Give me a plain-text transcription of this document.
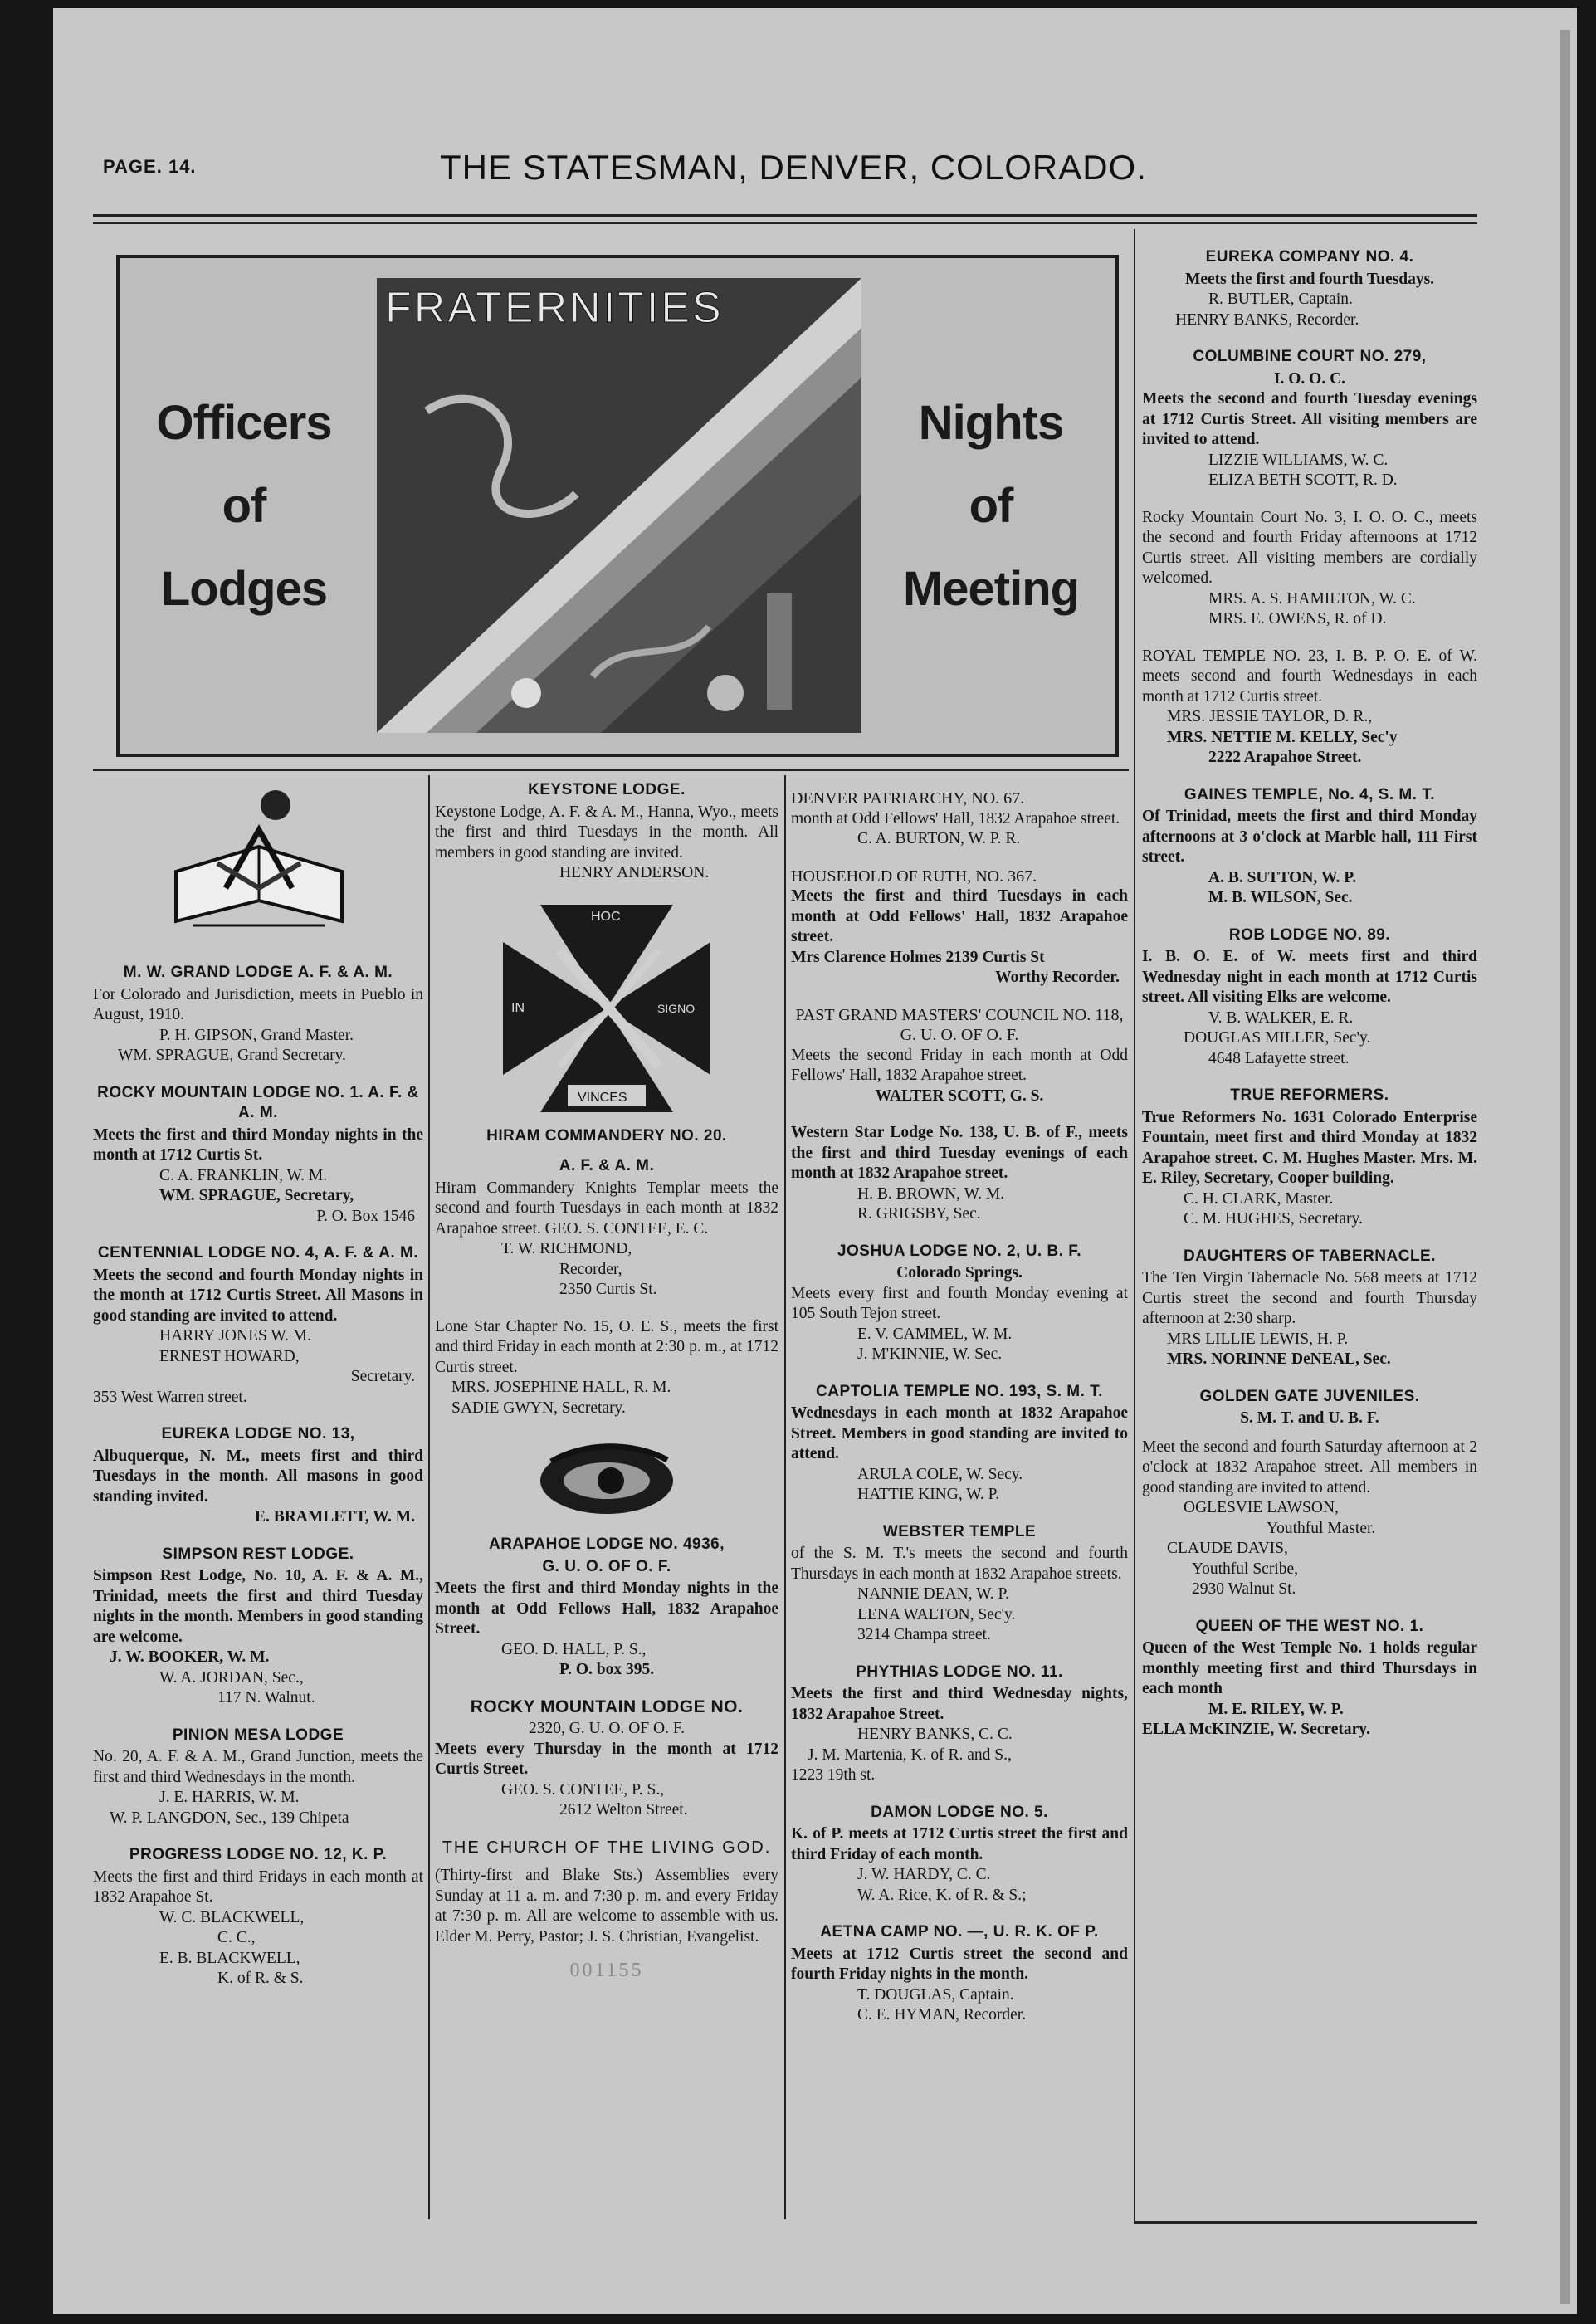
PAGE. 14.	THE STATESMAN, DENVER, COLORADO.
Officers
of
Lodges
FRATERNITIES
Nights
of
Meeting
M. W. GRAND LODGE A. F. & A. M.
For Colorado and Jurisdiction, meets in Pueblo in August, 1910.
P. H. GIPSON, Grand Master.
WM. SPRAGUE, Grand Secretary.
ROCKY MOUNTAIN LODGE NO. 1. A. F. & A. M.
Meets the first and third Monday nights in the month at 1712 Curtis St.
C. A. FRANKLIN, W. M.
WM. SPRAGUE, Secretary,
P. O. Box 1546
CENTENNIAL LODGE NO. 4, A. F. & A. M.
Meets the second and fourth Monday nights in the month at 1712 Curtis Street. All Masons in good standing are invited to attend.
HARRY JONES W. M.
ERNEST HOWARD,
Secretary.
353 West Warren street.
EUREKA LODGE NO. 13,
Albuquerque, N. M., meets first and third Tuesdays in the month. All masons in good standing invited.
E. BRAMLETT, W. M.
SIMPSON REST LODGE.
Simpson Rest Lodge, No. 10, A. F. & A. M., Trinidad, meets the first and third Tuesday nights in the month. Members in good standing are welcome.
J. W. BOOKER, W. M.
W. A. JORDAN, Sec.,
117 N. Walnut.
PINION MESA LODGE
No. 20, A. F. & A. M., Grand Junction, meets the first and third Wednesdays in the month.
J. E. HARRIS, W. M.
W. P. LANGDON, Sec., 139 Chipeta
PROGRESS LODGE NO. 12, K. P.
Meets the first and third Fridays in each month at 1832 Arapahoe St.
W. C. BLACKWELL,
C. C.,
E. B. BLACKWELL,
K. of R. & S.
KEYSTONE LODGE.
Keystone Lodge, A. F. & A. M., Hanna, Wyo., meets the first and third Tuesdays in the month. All members in good standing are invited.
HENRY ANDERSON.
HOC
IN	SIGNO
VINCES
HIRAM COMMANDERY NO. 20.
A. F. & A. M.
Hiram Commandery Knights Templar meets the second and fourth Tuesdays in each month at 1832 Arapahoe street. GEO. S. CONTEE, E. C.
T. W. RICHMOND,
Recorder,
2350 Curtis St.
Lone Star Chapter No. 15, O. E. S., meets the first and third Friday in each month at 2:30 p. m., at 1712 Curtis street.
MRS. JOSEPHINE HALL, R. M.
SADIE GWYN, Secretary.
ARAPAHOE LODGE NO. 4936,
G. U. O. OF O. F.
Meets the first and third Monday nights in the month at Odd Fellows Hall, 1832 Arapahoe Street.
GEO. D. HALL, P. S.,
P. O. box 395.
ROCKY MOUNTAIN LODGE NO.
2320, G. U. O. OF O. F.
Meets every Thursday in the month at 1712 Curtis Street.
GEO. S. CONTEE, P. S.,
2612 Welton Street.
THE CHURCH OF THE LIVING GOD.
(Thirty-first and Blake Sts.) Assemblies every Sunday at 11 a. m. and 7:30 p. m. and every Friday at 7:30 p. m. All are welcome to assemble with us. Elder M. Perry, Pastor; J. S. Christian, Evangelist.
001155
DENVER PATRIARCHY, NO. 67.
month at Odd Fellows' Hall, 1832 Arapahoe street.
C. A. BURTON, W. P. R.
HOUSEHOLD OF RUTH, NO. 367.
Meets the first and third Tuesdays in each month at Odd Fellows' Hall, 1832 Arapahoe street.
Mrs Clarence Holmes 2139 Curtis St
Worthy Recorder.
PAST GRAND MASTERS' COUNCIL NO. 118, G. U. O. OF O. F.
Meets the second Friday in each month at Odd Fellows' Hall, 1832 Arapahoe street.
WALTER SCOTT, G. S.
Western Star Lodge No. 138, U. B. of F., meets the first and third Tuesday evenings of each month at 1832 Arapahoe street.
H. B. BROWN, W. M.
R. GRIGSBY, Sec.
JOSHUA LODGE NO. 2, U. B. F.
Colorado Springs.
Meets every first and fourth Monday evening at 105 South Tejon street.
E. V. CAMMEL, W. M.
J. M'KINNIE, W. Sec.
CAPTOLIA TEMPLE NO. 193, S. M. T.
Wednesdays in each month at 1832 Arapahoe Street. Members in good standing are invited to attend.
ARULA COLE, W. Secy.
HATTIE KING, W. P.
WEBSTER TEMPLE
of the S. M. T.'s meets the second and fourth Thursdays in each month at 1832 Arapahoe streets.
NANNIE DEAN, W. P.
LENA WALTON, Sec'y.
3214 Champa street.
PHYTHIAS LODGE NO. 11.
Meets the first and third Wednesday nights, 1832 Arapahoe Street.
HENRY BANKS, C. C.
J. M. Martenia, K. of R. and S.,
1223 19th st.
DAMON LODGE NO. 5.
K. of P. meets at 1712 Curtis street the first and third Friday of each month.
J. W. HARDY, C. C.
W. A. Rice, K. of R. & S.;
AETNA CAMP NO. —, U. R. K. OF P.
Meets at 1712 Curtis street the second and fourth Friday nights in the month.
T. DOUGLAS, Captain.
C. E. HYMAN, Recorder.
EUREKA COMPANY NO. 4.
Meets the first and fourth Tuesdays.
R. BUTLER, Captain.
HENRY BANKS, Recorder.
COLUMBINE COURT NO. 279,
I. O. O. C.
Meets the second and fourth Tuesday evenings at 1712 Curtis Street. All visiting members are invited to attend.
LIZZIE WILLIAMS, W. C.
ELIZA BETH SCOTT, R. D.
Rocky Mountain Court No. 3, I. O. O. C., meets the second and fourth Friday afternoons at 1712 Curtis street. All visiting members are cordially welcomed.
MRS. A. S. HAMILTON, W. C.
MRS. E. OWENS, R. of D.
ROYAL TEMPLE NO. 23, I. B. P. O. E. of W. meets second and fourth Wednesdays in each month at 1712 Curtis street.
MRS. JESSIE TAYLOR, D. R.,
MRS. NETTIE M. KELLY, Sec'y
2222 Arapahoe Street.
GAINES TEMPLE, No. 4, S. M. T.
Of Trinidad, meets the first and third Monday afternoons at 3 o'clock at Marble hall, 111 First street.
A. B. SUTTON, W. P.
M. B. WILSON, Sec.
ROB LODGE NO. 89.
I. B. O. E. of W. meets first and third Wednesday night in each month at 1712 Curtis street. All visiting Elks are welcome.
V. B. WALKER, E. R.
DOUGLAS MILLER, Sec'y.
4648 Lafayette street.
TRUE REFORMERS.
True Reformers No. 1631 Colorado Enterprise Fountain, meet first and third Monday at 1832 Arapahoe street. C. M. Hughes Master. Mrs. M. E. Riley, Secretary, Cooper building.
C. H. CLARK, Master.
C. M. HUGHES, Secretary.
DAUGHTERS OF TABERNACLE.
The Ten Virgin Tabernacle No. 568 meets at 1712 Curtis street the second and fourth Thursday afternoon at 2:30 sharp.
MRS LILLIE LEWIS, H. P.
MRS. NORINNE DeNEAL, Sec.
GOLDEN GATE JUVENILES.
S. M. T. and U. B. F.
Meet the second and fourth Saturday afternoon at 2 o'clock at 1832 Arapahoe street. All members in good standing are invited to attend.
OGLESVIE LAWSON,
Youthful Master.
CLAUDE DAVIS,
Youthful Scribe,
2930 Walnut St.
QUEEN OF THE WEST NO. 1.
Queen of the West Temple No. 1 holds regular monthly meeting first and third Thursdays in each month
M. E. RILEY, W. P.
ELLA McKINZIE, W. Secretary.
